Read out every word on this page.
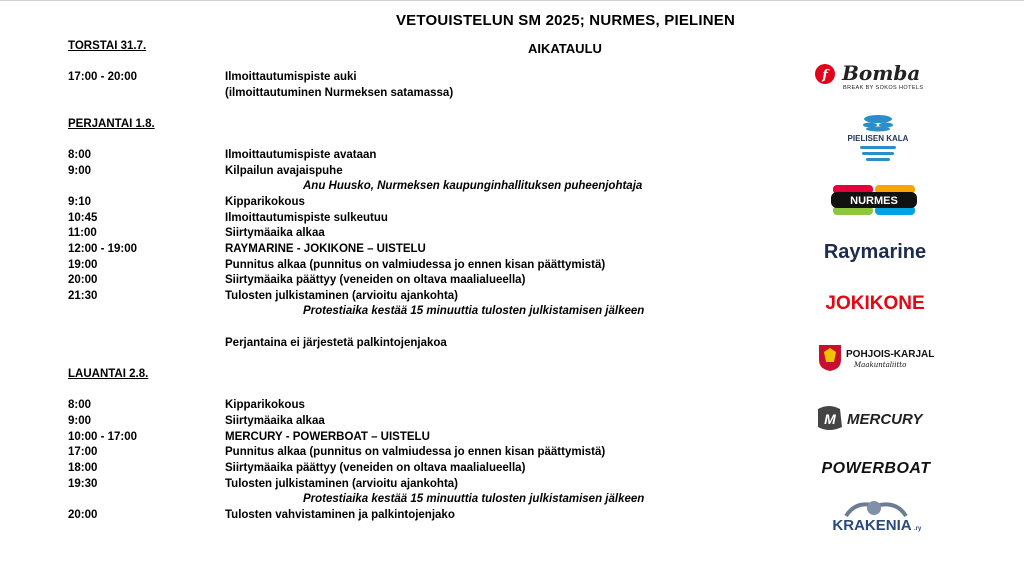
VETOUISTELUN SM 2025; NURMES, PIELINEN
AIKATAULU
TORSTAI 31.7.
17:00 - 20:00	Ilmoittautumispiste auki
(ilmoittautuminen Nurmeksen satamassa)
PERJANTAI 1.8.
8:00	Ilmoittautumispiste avataan
9:00	Kilpailun avajaispuhe
Anu Huusko, Nurmeksen kaupunginhallituksen puheenjohtaja
9:10	Kipparikokous
10:45	Ilmoittautumispiste sulkeutuu
11:00	Siirtymäaika alkaa
12:00 - 19:00	RAYMARINE - JOKIKONE – UISTELU
19:00	Punnitus alkaa (punnitus on valmiudessa jo ennen kisan päättymistä)
20:00	Siirtymäaika päättyy (veneiden on oltava maalialueella)
21:30	Tulosten julkistaminen (arvioitu ajankohta)
Protestiaika kestää 15 minuuttia tulosten julkistamisen jälkeen
Perjantaina ei järjestetä palkintojenjakoa
LAUANTAI 2.8.
8:00	Kipparikokous
9:00	Siirtymäaika alkaa
10:00 - 17:00	MERCURY - POWERBOAT – UISTELU
17:00	Punnitus alkaa (punnitus on valmiudessa jo ennen kisan päättymistä)
18:00	Siirtymäaika päättyy (veneiden on oltava maalialueella)
19:30	Tulosten julkistaminen (arvioitu ajankohta)
Protestiaika kestää 15 minuuttia tulosten julkistamisen jälkeen
20:00	Tulosten vahvistaminen ja palkintojenjako
f Bomba
BREAK BY SOKOS HOTELS
PIELISEN KALA
NURMES
Raymarine
JOKIKONE
POHJOIS-KARJALA
Maakuntaliitto
M MERCURY
POWERBOAT
KRAKENIA .ry
